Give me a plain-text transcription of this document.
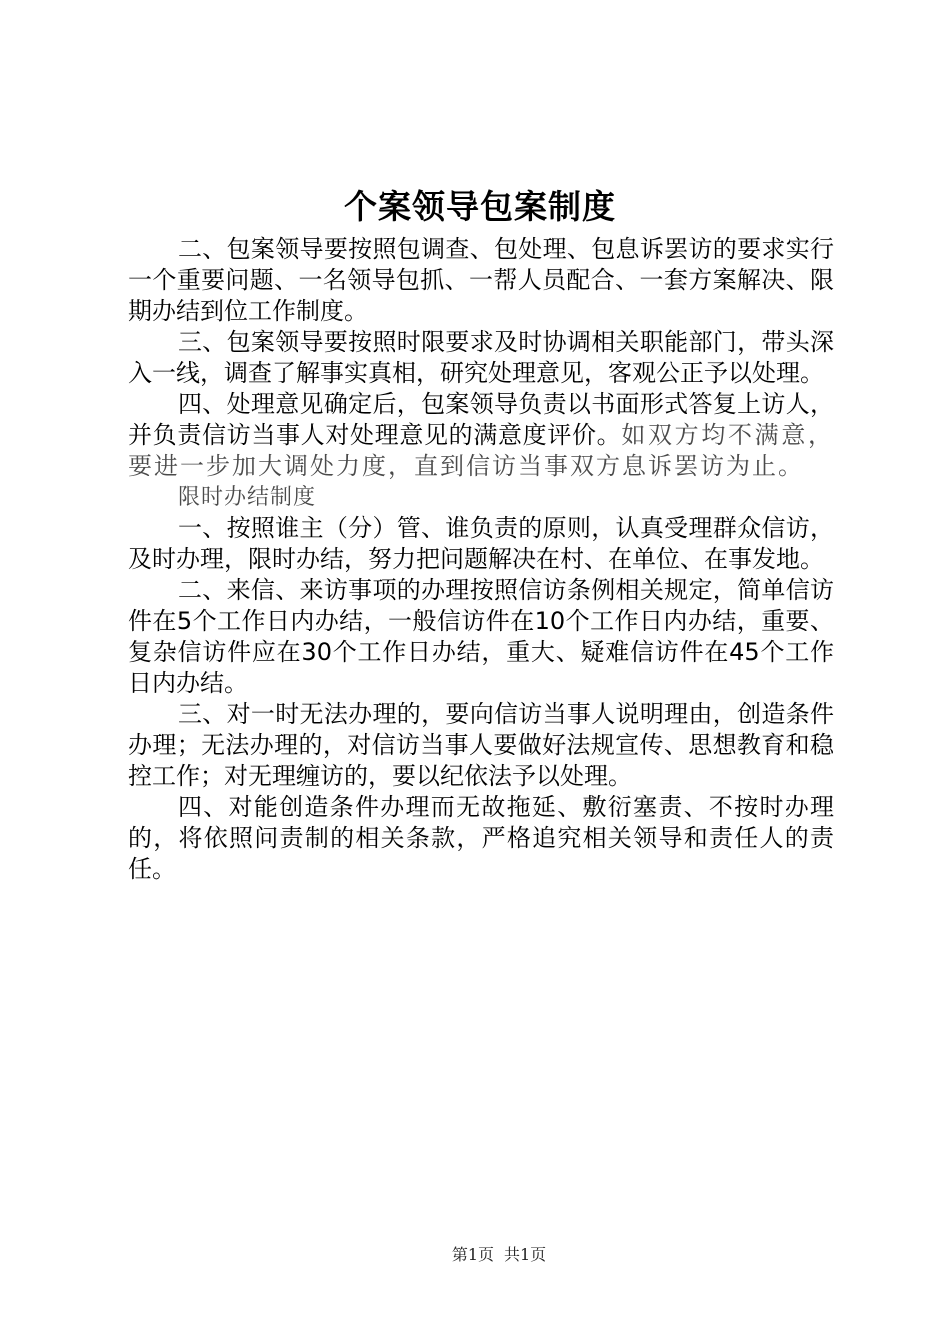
个案领导包案制度

二、包案领导要按照包调查、包处理、包息诉罢访的要求实行一个重要问题、一名领导包抓、一帮人员配合、一套方案解决、限期办结到位工作制度。

三、包案领导要按照时限要求及时协调相关职能部门，带头深入一线，调查了解事实真相，研究处理意见，客观公正予以处理。

四、处理意见确定后，包案领导负责以书面形式答复上访人，并负责信访当事人对处理意见的满意度评价。如双方均不满意，要进一步加大调处力度，直到信访当事双方息诉罢访为止。

限时办结制度

一、按照谁主（分）管、谁负责的原则，认真受理群众信访，及时办理，限时办结，努力把问题解决在村、在单位、在事发地。

二、来信、来访事项的办理按照信访条例相关规定，简单信访件在5个工作日内办结，一般信访件在10个工作日内办结，重要、复杂信访件应在30个工作日办结，重大、疑难信访件在45个工作日内办结。

三、对一时无法办理的，要向信访当事人说明理由，创造条件办理；无法办理的，对信访当事人要做好法规宣传、思想教育和稳控工作；对无理缠访的，要以纪依法予以处理。

四、对能创造条件办理而无故拖延、敷衍塞责、不按时办理的，将依照问责制的相关条款，严格追究相关领导和责任人的责任。

第1页 共1页
